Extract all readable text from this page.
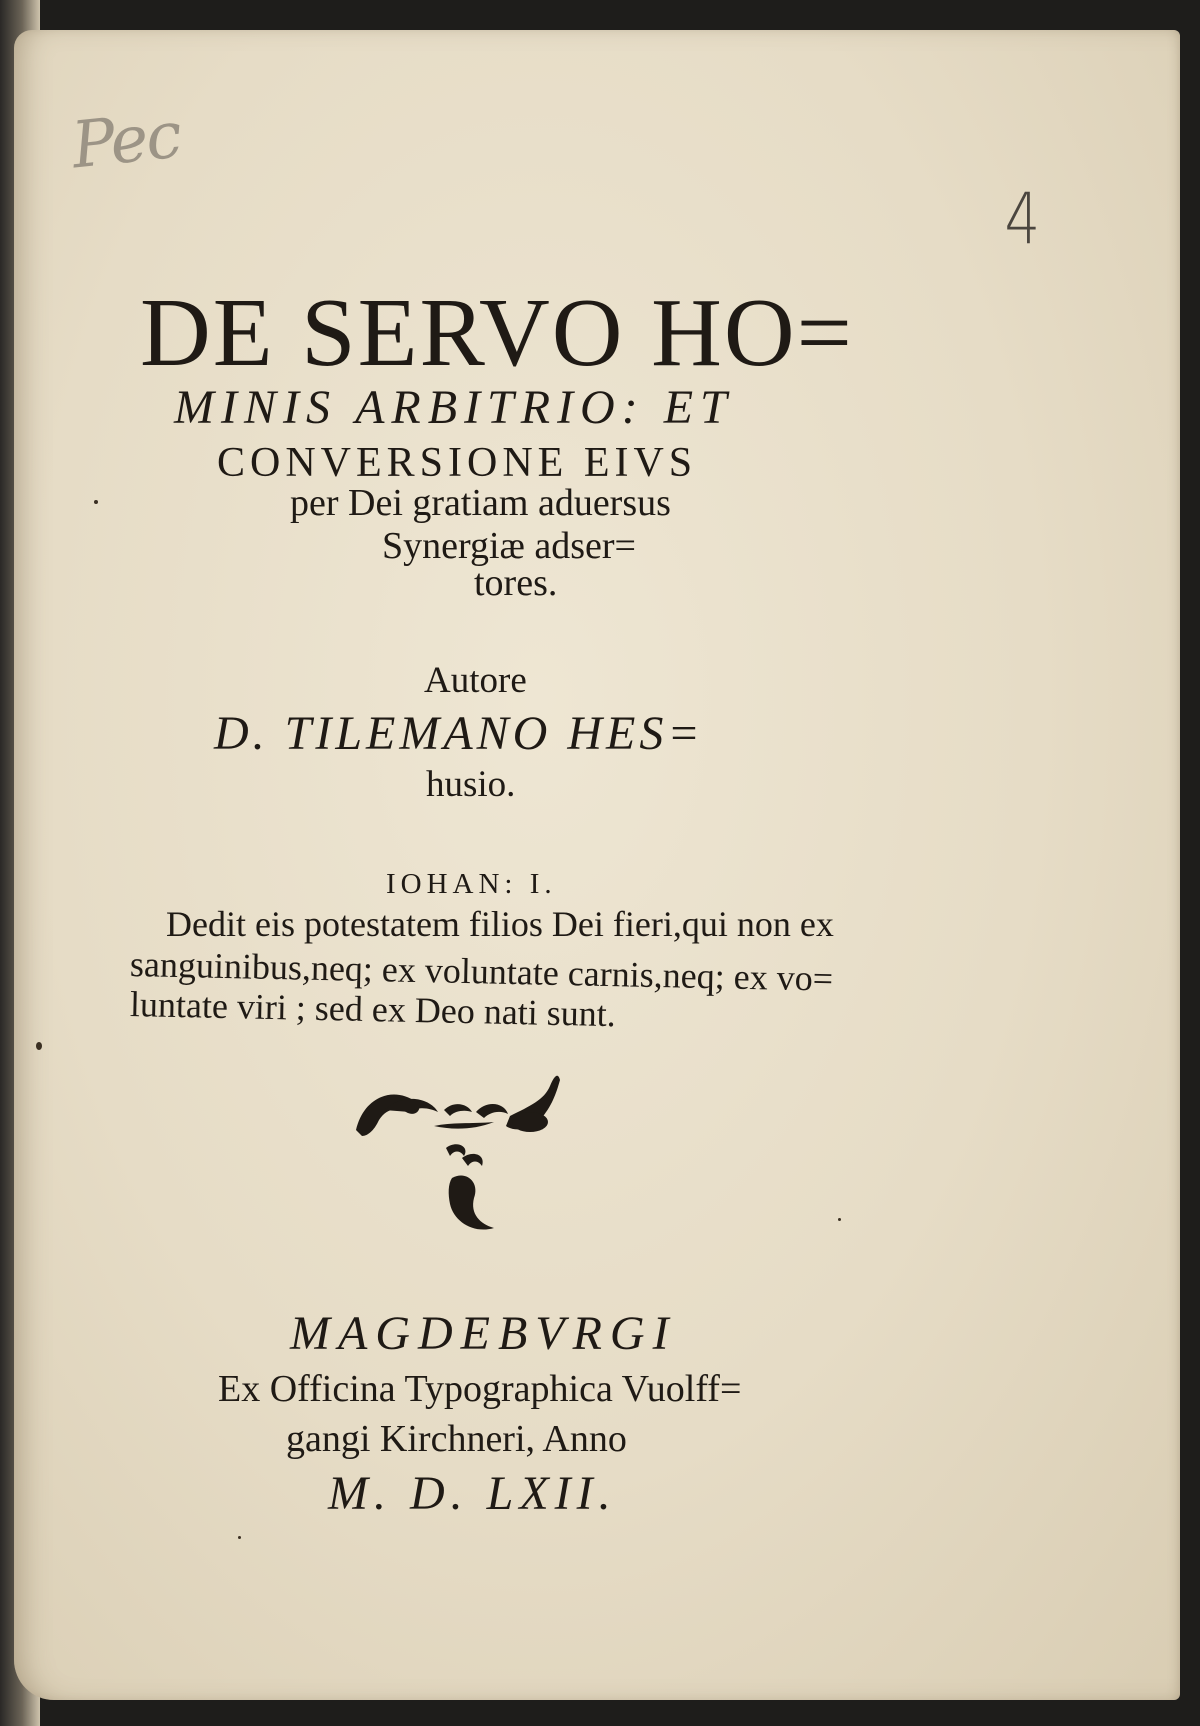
Pec
4
DE SERVO HO=
MINIS ARBITRIO: ET
CONVERSIONE EIVS
per Dei gratiam aduersus
Synergiæ adser=
tores.
Autore
D. TILEMANO HES=
husio.
IOHAN: I.
Dedit eis potestatem filios Dei fieri,qui non ex
sanguinibus,neq; ex voluntate carnis,neq; ex vo=
luntate viri ; sed ex Deo nati sunt.
MAGDEBVRGI
Ex Officina Typographica Vuolff=
gangi Kirchneri, Anno
M. D. LXII.
